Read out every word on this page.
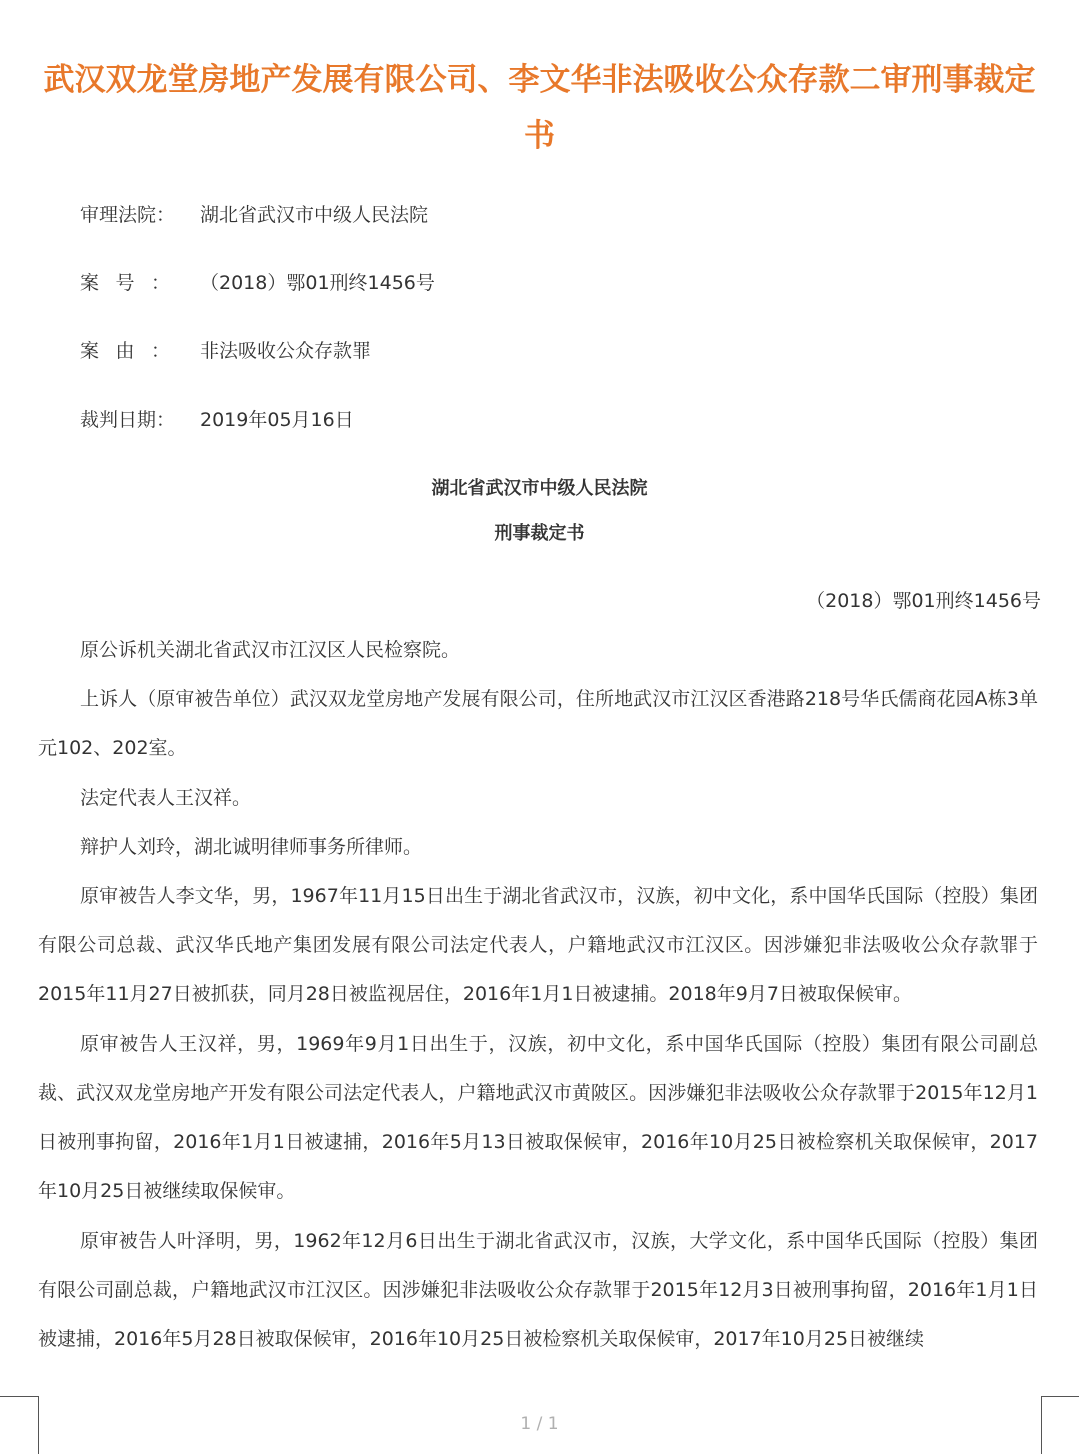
武汉双龙堂房地产发展有限公司、李文华非法吸收公众存款二审刑事裁定书
审理法院： 湖北省武汉市中级人民法院
案号： （2018）鄂01刑终1456号
案由： 非法吸收公众存款罪
裁判日期： 2019年05月16日
湖北省武汉市中级人民法院
刑事裁定书
（2018）鄂01刑终1456号

原公诉机关湖北省武汉市江汉区人民检察院。

上诉人（原审被告单位）武汉双龙堂房地产发展有限公司，住所地武汉市江汉区香港路218号华氏儒商花园A栋3单元102、202室。

法定代表人王汉祥。

辩护人刘玲，湖北诚明律师事务所律师。

原审被告人李文华，男，1967年11月15日出生于湖北省武汉市，汉族，初中文化，系中国华氏国际（控股）集团有限公司总裁、武汉华氏地产集团发展有限公司法定代表人，户籍地武汉市江汉区。因涉嫌犯非法吸收公众存款罪于2015年11月27日被抓获，同月28日被监视居住，2016年1月1日被逮捕。2018年9月7日被取保候审。

原审被告人王汉祥，男，1969年9月1日出生于，汉族，初中文化，系中国华氏国际（控股）集团有限公司副总裁、武汉双龙堂房地产开发有限公司法定代表人，户籍地武汉市黄陂区。因涉嫌犯非法吸收公众存款罪于2015年12月1日被刑事拘留，2016年1月1日被逮捕，2016年5月13日被取保候审，2016年10月25日被检察机关取保候审，2017年10月25日被继续取保候审。

原审被告人叶泽明，男，1962年12月6日出生于湖北省武汉市，汉族，大学文化，系中国华氏国际（控股）集团有限公司副总裁，户籍地武汉市江汉区。因涉嫌犯非法吸收公众存款罪于2015年12月3日被刑事拘留，2016年1月1日被逮捕，2016年5月28日被取保候审，2016年10月25日被检察机关取保候审，2017年10月25日被继续

1 / 1
